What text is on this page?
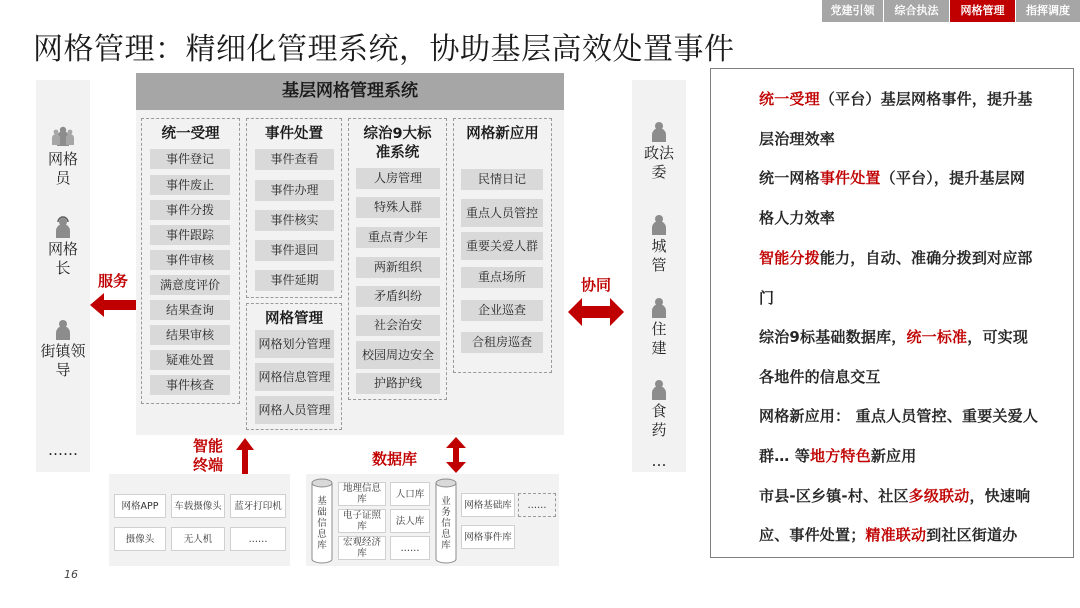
党建引领	综合执法	网格管理	指挥调度
网格管理：精细化管理系统，协助基层高效处置事件
网格
员
网格
长
街镇领
导
……
服务
基层网格管理系统
统一受理
事件登记
事件废止
事件分拨
事件跟踪
事件审核
满意度评价
结果查询
结果审核
疑难处置
事件核查
事件处置
事件查看
事件办理
事件核实
事件退回
事件延期
网格管理
网格划分管理
网格信息管理
网格人员管理
综治9大标
准系统
人房管理
特殊人群
重点青少年
两新组织
矛盾纠纷
社会治安
校园周边安全
护路护线
网格新应用
民情日记
重点人员管控
重要关爱人群
重点场所
企业巡查
合租房巡查
协同
政法
委
城
管
住
建
食
药
…
智能
终端	数据库
网格APP	车载摄像头	蓝牙打印机
摄像头	无人机	……
基础信息库
地理信息库	人口库
电子证照库	法人库
宏观经济库	……
业务信息库
网格基础库	……
网格事件库
统一受理（平台）基层网格事件，提升基
层治理效率
统一网格事件处置（平台），提升基层网
格人力效率
智能分拨能力，自动、准确分拨到对应部
门
综治9标基础数据库，统一标准，可实现
各地件的信息交互
网格新应用： 重点人员管控、重要关爱人
群… 等地方特色新应用
市县-区乡镇-村、社区多级联动，快速响
应、事件处置；精准联动到社区街道办
16
